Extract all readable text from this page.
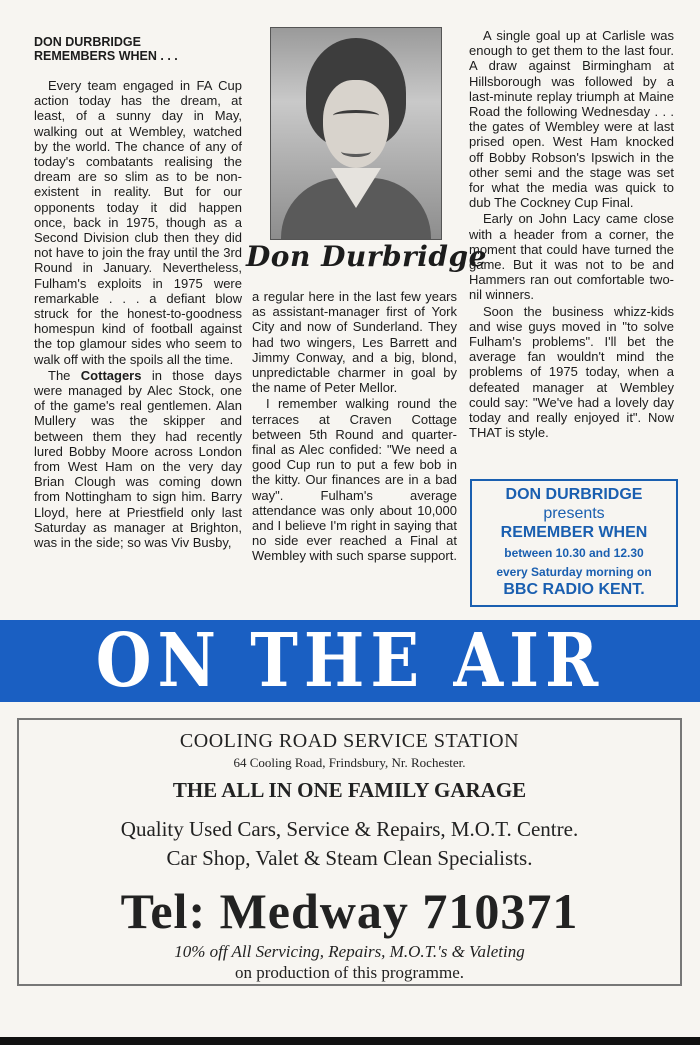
DON DURBRIDGE
REMEMBERS WHEN . . .

Every team engaged in FA Cup action today has the dream, at least, of a sunny day in May, walking out at Wembley, watched by the world. The chance of any of today's combatants realising the dream are so slim as to be non-existent in reality. But for our opponents today it did happen once, back in 1975, though as a Second Division club then they did not have to join the fray until the 3rd Round in January. Nevertheless, Fulham's exploits in 1975 were remarkable . . . a defiant blow struck for the honest-to-goodness homespun kind of football against the top glamour sides who seem to walk off with the spoils all the time.

The Cottagers in those days were managed by Alec Stock, one of the game's real gentlemen. Alan Mullery was the skipper and between them they had recently lured Bobby Moore across London from West Ham on the very day Brian Clough was coming down from Nottingham to sign him. Barry Lloyd, here at Priestfield only last Saturday as manager at Brighton, was in the side; so was Viv Busby,

Don Durbridge

a regular here in the last few years as assistant-manager first of York City and now of Sunderland. They had two wingers, Les Barrett and Jimmy Conway, and a big, blond, unpredictable charmer in goal by the name of Peter Mellor.

I remember walking round the terraces at Craven Cottage between 5th Round and quarter-final as Alec confided: "We need a good Cup run to put a few bob in the kitty. Our finances are in a bad way". Fulham's average attendance was only about 10,000 and I believe I'm right in saying that no side ever reached a Final at Wembley with such sparse support.

A single goal up at Carlisle was enough to get them to the last four. A draw against Birmingham at Hillsborough was followed by a last-minute replay triumph at Maine Road the following Wednesday . . . the gates of Wembley were at last prised open. West Ham knocked off Bobby Robson's Ipswich in the other semi and the stage was set for what the media was quick to dub The Cockney Cup Final.

Early on John Lacy came close with a header from a corner, the moment that could have turned the game. But it was not to be and Hammers ran out comfortable two-nil winners.

Soon the business whizz-kids and wise guys moved in "to solve Fulham's problems". I'll bet the average fan wouldn't mind the problems of 1975 today, when a defeated manager at Wembley could say: "We've had a lovely day today and really enjoyed it". Now THAT is style.

DON DURBRIDGE
presents
REMEMBER WHEN
between 10.30 and 12.30
every Saturday morning on
BBC RADIO KENT.
ON THE AIR
COOLING ROAD SERVICE STATION
64 Cooling Road, Frindsbury, Nr. Rochester.
THE ALL IN ONE FAMILY GARAGE
Quality Used Cars, Service & Repairs, M.O.T. Centre.
Car Shop, Valet & Steam Clean Specialists.
Tel: Medway 710371
10% off All Servicing, Repairs, M.O.T.'s & Valeting
on production of this programme.
